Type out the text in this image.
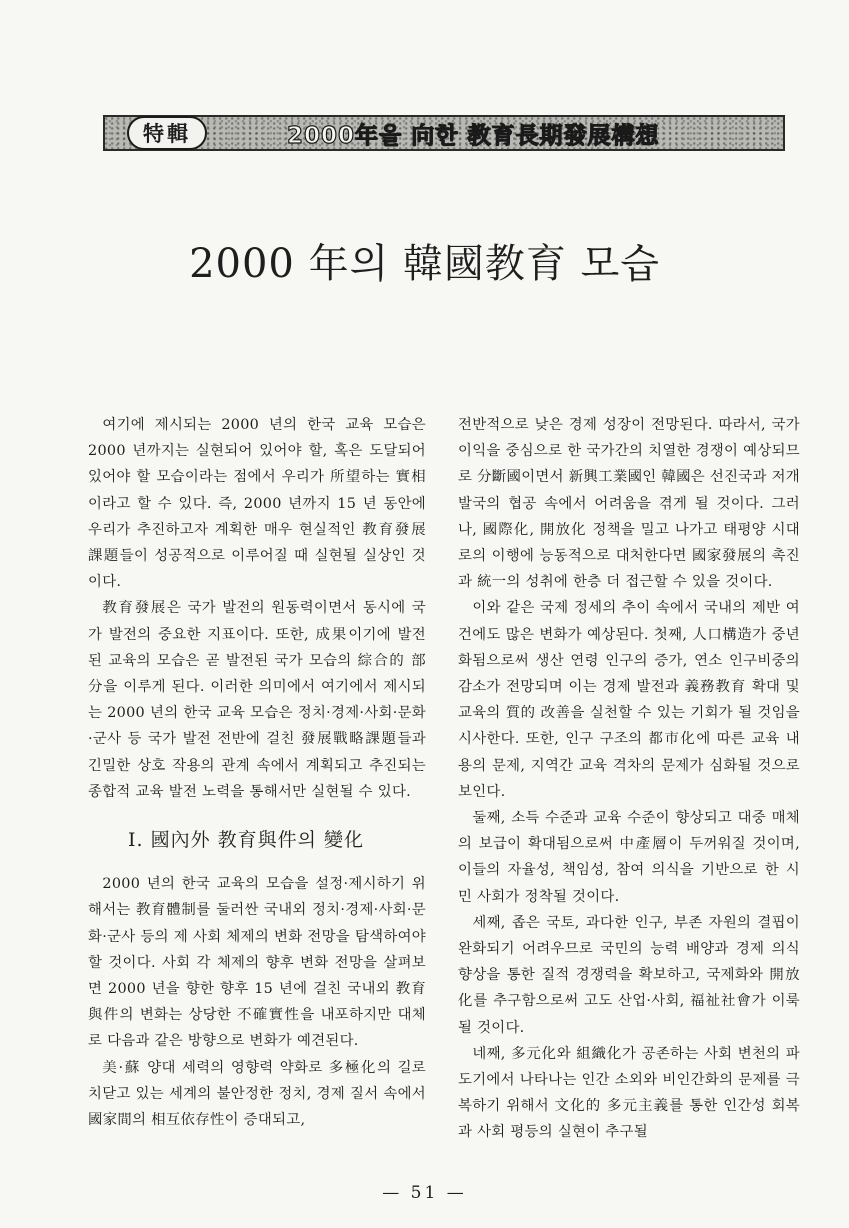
特輯	2000年을 向한 教育長期發展構想
2000 年의 韓國教育 모습

여기에 제시되는 2000 년의 한국 교육 모습은 2000 년까지는 실현되어 있어야 할, 혹은 도달되어 있어야 할 모습이라는 점에서 우리가 所望하는 實相이라고 할 수 있다. 즉, 2000 년까지 15 년 동안에 우리가 추진하고자 계획한 매우 현실적인 教育發展課題들이 성공적으로 이루어질 때 실현될 실상인 것이다.

教育發展은 국가 발전의 원동력이면서 동시에 국가 발전의 중요한 지표이다. 또한, 成果이기에 발전된 교육의 모습은 곧 발전된 국가 모습의 綜合的 部分을 이루게 된다. 이러한 의미에서 여기에서 제시되는 2000 년의 한국 교육 모습은 정치·경제·사회·문화·군사 등 국가 발전 전반에 걸친 發展戰略課題들과 긴밀한 상호 작용의 관계 속에서 계획되고 추진되는 종합적 교육 발전 노력을 통해서만 실현될 수 있다.

Ⅰ. 國內外 教育與件의 變化

2000 년의 한국 교육의 모습을 설정·제시하기 위해서는 教育體制를 둘러싼 국내외 정치·경제·사회·문화·군사 등의 제 사회 체제의 변화 전망을 탐색하여야 할 것이다. 사회 각 체제의 향후 변화 전망을 살펴보면 2000 년을 향한 향후 15 년에 걸친 국내외 教育與件의 변화는 상당한 不確實性을 내포하지만 대체로 다음과 같은 방향으로 변화가 예견된다.

美·蘇 양대 세력의 영향력 약화로 多極化의 길로 치닫고 있는 세계의 불안정한 정치, 경제 질서 속에서 國家間의 相互依存性이 증대되고,

전반적으로 낮은 경제 성장이 전망된다. 따라서, 국가 이익을 중심으로 한 국가간의 치열한 경쟁이 예상되므로 分斷國이면서 新興工業國인 韓國은 선진국과 저개발국의 협공 속에서 어려움을 겪게 될 것이다. 그러나, 國際化, 開放化 정책을 밀고 나가고 태평양 시대로의 이행에 능동적으로 대처한다면 國家發展의 촉진과 統一의 성취에 한층 더 접근할 수 있을 것이다.

이와 같은 국제 정세의 추이 속에서 국내의 제반 여건에도 많은 변화가 예상된다. 첫째, 人口構造가 중년화됨으로써 생산 연령 인구의 증가, 연소 인구비중의 감소가 전망되며 이는 경제 발전과 義務教育 확대 및 교육의 質的 改善을 실천할 수 있는 기회가 될 것임을 시사한다. 또한, 인구 구조의 都市化에 따른 교육 내용의 문제, 지역간 교육 격차의 문제가 심화될 것으로 보인다.

둘째, 소득 수준과 교육 수준이 향상되고 대중 매체의 보급이 확대됨으로써 中產層이 두꺼워질 것이며, 이들의 자율성, 책임성, 참여 의식을 기반으로 한 시민 사회가 정착될 것이다.

세째, 좁은 국토, 과다한 인구, 부존 자원의 결핍이 완화되기 어려우므로 국민의 능력 배양과 경제 의식 향상을 통한 질적 경쟁력을 확보하고, 국제화와 開放化를 추구함으로써 고도 산업·사회, 福祉社會가 이룩될 것이다.

네째, 多元化와 組織化가 공존하는 사회 변천의 파도기에서 나타나는 인간 소외와 비인간화의 문제를 극복하기 위해서 文化的 多元主義를 통한 인간성 회복과 사회 평등의 실현이 추구될

— 51 —
